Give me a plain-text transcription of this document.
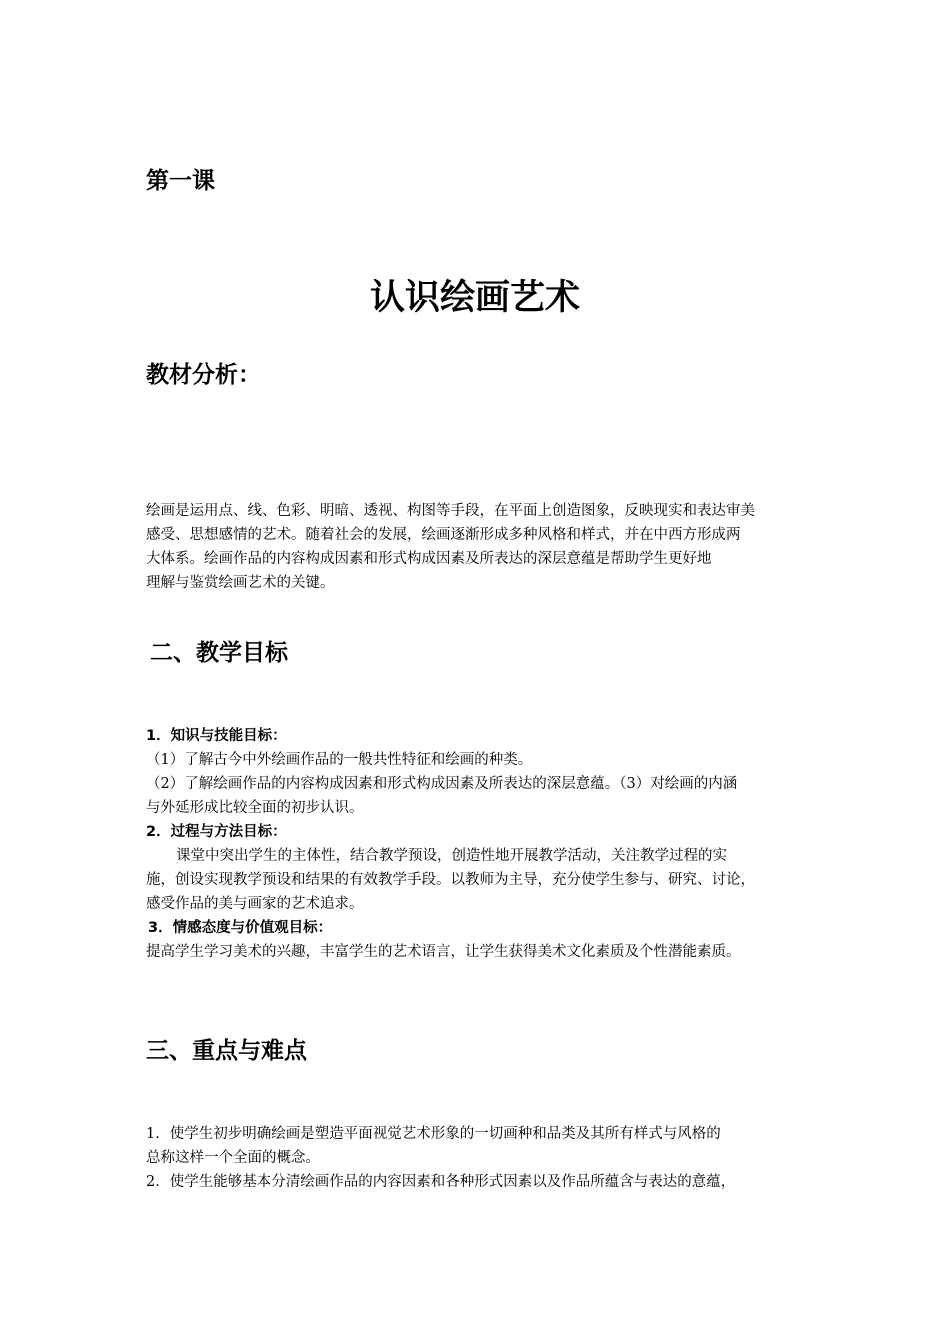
第一课
认识绘画艺术
教材分析：
绘画是运用点、线、色彩、明暗、透视、构图等手段，在平面上创造图象，反映现实和表达审美
感受、思想感情的艺术。随着社会的发展，绘画逐渐形成多种风格和样式，并在中西方形成两
大体系。绘画作品的内容构成因素和形式构成因素及所表达的深层意蕴是帮助学生更好地
理解与鉴赏绘画艺术的关键。
二、教学目标
1．知识与技能目标：
（1）了解古今中外绘画作品的一般共性特征和绘画的种类。
（2）了解绘画作品的内容构成因素和形式构成因素及所表达的深层意蕴。（3）对绘画的内涵
与外延形成比较全面的初步认识。
2．过程与方法目标：
课堂中突出学生的主体性，结合教学预设，创造性地开展教学活动，关注教学过程的实
施，创设实现教学预设和结果的有效教学手段。以教师为主导，充分使学生参与、研究、讨论，
感受作品的美与画家的艺术追求。
3．情感态度与价值观目标：
提高学生学习美术的兴趣，丰富学生的艺术语言，让学生获得美术文化素质及个性潜能素质。
三、重点与难点
1．使学生初步明确绘画是塑造平面视觉艺术形象的一切画种和品类及其所有样式与风格的
总称这样一个全面的概念。
2．使学生能够基本分清绘画作品的内容因素和各种形式因素以及作品所蕴含与表达的意蕴，
